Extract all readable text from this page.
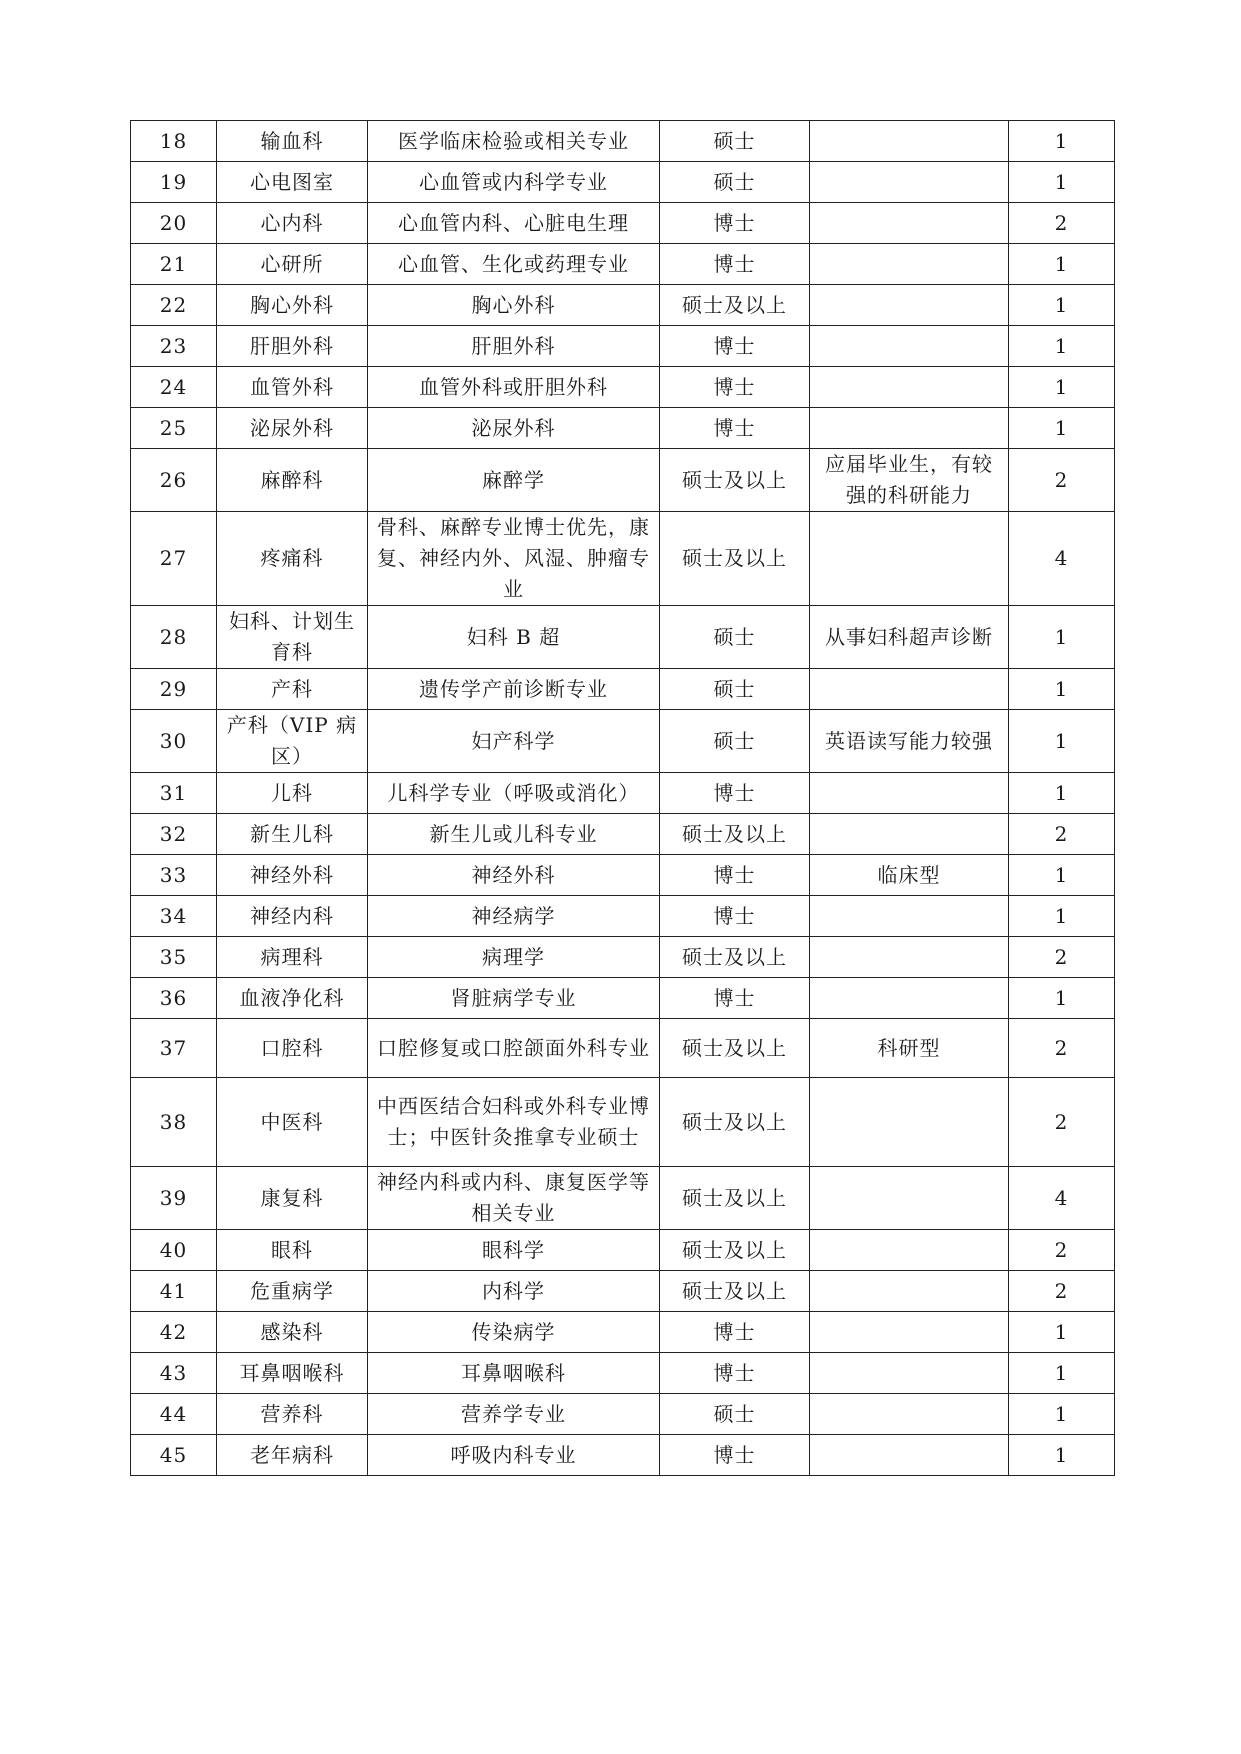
18	输血科	医学临床检验或相关专业	硕士		1
19	心电图室	心血管或内科学专业	硕士		1
20	心内科	心血管内科、心脏电生理	博士		2
21	心研所	心血管、生化或药理专业	博士		1
22	胸心外科	胸心外科	硕士及以上		1
23	肝胆外科	肝胆外科	博士		1
24	血管外科	血管外科或肝胆外科	博士		1
25	泌尿外科	泌尿外科	博士		1
26	麻醉科	麻醉学	硕士及以上	应届毕业生，有较强的科研能力	2
27	疼痛科	骨科、麻醉专业博士优先，康复、神经内外、风湿、肿瘤专业	硕士及以上		4
28	妇科、计划生育科	妇科 B 超	硕士	从事妇科超声诊断	1
29	产科	遗传学产前诊断专业	硕士		1
30	产科（VIP 病区）	妇产科学	硕士	英语读写能力较强	1
31	儿科	儿科学专业（呼吸或消化）	博士		1
32	新生儿科	新生儿或儿科专业	硕士及以上		2
33	神经外科	神经外科	博士	临床型	1
34	神经内科	神经病学	博士		1
35	病理科	病理学	硕士及以上		2
36	血液净化科	肾脏病学专业	博士		1
37	口腔科	口腔修复或口腔颌面外科专业	硕士及以上	科研型	2
38	中医科	中西医结合妇科或外科专业博士；中医针灸推拿专业硕士	硕士及以上		2
39	康复科	神经内科或内科、康复医学等相关专业	硕士及以上		4
40	眼科	眼科学	硕士及以上		2
41	危重病学	内科学	硕士及以上		2
42	感染科	传染病学	博士		1
43	耳鼻咽喉科	耳鼻咽喉科	博士		1
44	营养科	营养学专业	硕士		1
45	老年病科	呼吸内科专业	博士		1
